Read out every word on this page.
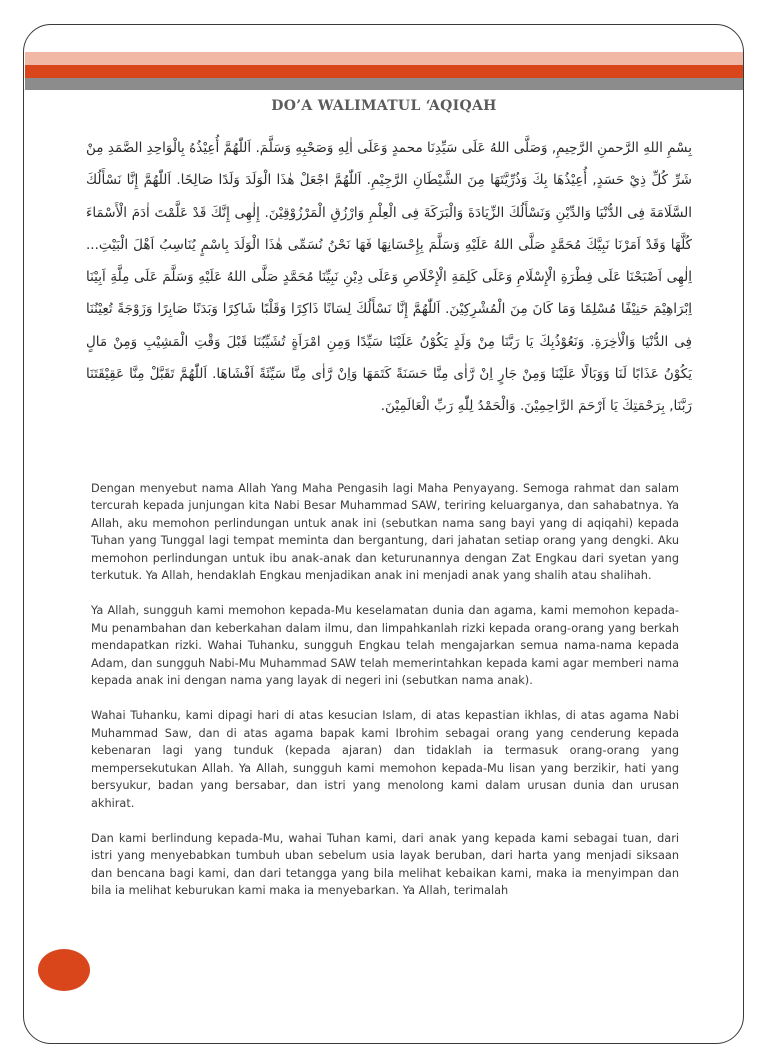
DO’A WALIMATUL ‘AQIQAH

بِسْمِ اللهِ الرَّحمنِ الرَّحِيمِ, وَصَلَّى اللهُ عَلَى سَيِّدِنَا محمدٍ وَعَلَى اٰلِهِ وَصَحْبِهِ وَسَلَّمَ. اَللّٰهُمَّ أُعِيْذُهُ بِالْوَاحِدِ الصَّمَدِ مِنْ شَرِّ كُلِّ ذِيْ حَسَدٍ, أُعِيْذُهَا بِكَ وَذُرِّيَّتَهَا مِنَ الشَّيْطَانِ الرَّجِيْمِ. اَللّٰهُمَّ اجْعَلْ هٰذَا الْوَلَدَ وَلَدًا صَالِحًا. اَللّٰهُمَّ إِنَّا نَسْأَلُكَ السَّلَامَةَ فِى الدُّنْيَا وَالدِّيْنِ وَنَسْأَلُكَ الزِّيَادَةَ وَالْبَرَكَةَ فِى الْعِلْمِ وَارْزُقِ الْمَرْزُوْقِيْنَ. إِلٰهِى إِنَّكَ قَدْ عَلَّمْتَ اٰدَمَ الْأَسْمَاءَ كُلَّهَا وَقَدْ اَمَرْنَا نَبِيَّكَ مُحَمَّدٍ صَلَّى اللهُ عَلَيْهِ وَسَلَّمَ بِإِحْسَانِهَا فَهَا نَحْنُ نُسَمِّى هٰذَا الْوَلَدَ بِاسْمٍ يُنَاسِبُ اَهْلَ الْبَيْتِ... اِلٰهِى اَصْبَحْنَا عَلَى فِطْرَةِ الْإِسْلَامِ وَعَلَى كَلِمَةِ الْإِخْلَاصِ وَعَلَى دِيْنِ نَبِيِّنَا مُحَمَّدٍ صَلَّى اللهُ عَلَيْهِ وَسَلَّمَ عَلَى مِلَّةِ اَبِيْنَا اِبْرَاهِيْمَ حَنِيْفًا مُسْلِمًا وَمَا كَانَ مِنَ الْمُشْرِكِيْنَ. اَللّٰهُمَّ إِنَّا نَسْأَلُكَ لِسَانًا ذَاكِرًا وَقَلْبًا شَاكِرًا وَبَدَنًا صَابِرًا وَزَوْجَةً تُعِيْنُنَا فِى الدُّنْيَا وَالْاٰخِرَةِ. وَنَعُوْذُبِكَ يَا رَبَّنَا مِنْ وَلَدٍ يَكُوْنُ عَلَيْنَا سَيِّدًا وَمِنِ امْرَاَةٍ تُشَيِّبُنَا قَبْلَ وَقْتِ الْمَشِيْبِ وَمِنْ مَالٍ يَكُوْنُ عَذَابًا لَنَا وَوَبَالًا عَلَيْنَا وَمِنْ جَارٍ اِنْ رَّاٰى مِنَّا حَسَنَةً كَتَمَهَا وَاِنْ رَّاٰى مِنَّا سَيِّئَةً اَفْشَاهَا. اَللّٰهُمَّ تَقَبَّلْ مِنَّا عَقِيْقَتَنَا رَبَّنَا, بِرَحْمَتِكَ يَا اَرْحَمَ الرَّاحِمِيْنَ. وَالْحَمْدُ لِلّٰهِ رَبِّ الْعَالَمِيْنَ.

Dengan menyebut nama Allah Yang Maha Pengasih lagi Maha Penyayang. Semoga rahmat dan salam tercurah kepada junjungan kita Nabi Besar Muhammad SAW, teriring keluarganya, dan sahabatnya. Ya Allah, aku memohon perlindungan untuk anak ini (sebutkan nama sang bayi yang di aqiqahi) kepada Tuhan yang Tunggal lagi tempat meminta dan bergantung, dari jahatan setiap orang yang dengki. Aku memohon perlindungan untuk ibu anak-anak dan keturunannya dengan Zat Engkau dari syetan yang terkutuk. Ya Allah, hendaklah Engkau menjadikan anak ini menjadi anak yang shalih atau shalihah.

Ya Allah, sungguh kami memohon kepada-Mu keselamatan dunia dan agama, kami memohon kepada-Mu penambahan dan keberkahan dalam ilmu, dan limpahkanlah rizki kepada orang-orang yang berkah mendapatkan rizki. Wahai Tuhanku, sungguh Engkau telah mengajarkan semua nama-nama kepada Adam, dan sungguh Nabi-Mu Muhammad SAW telah memerintahkan kepada kami agar memberi nama kepada anak ini dengan nama yang layak di negeri ini (sebutkan nama anak).

Wahai Tuhanku, kami dipagi hari di atas kesucian Islam, di atas kepastian ikhlas, di atas agama Nabi Muhammad Saw, dan di atas agama bapak kami Ibrohim sebagai orang yang cenderung kepada kebenaran lagi yang tunduk (kepada ajaran) dan tidaklah ia termasuk orang-orang yang mempersekutukan Allah. Ya Allah, sungguh kami memohon kepada-Mu lisan yang berzikir, hati yang bersyukur, badan yang bersabar, dan istri yang menolong kami dalam urusan dunia dan urusan akhirat.

Dan kami berlindung kepada-Mu, wahai Tuhan kami, dari anak yang kepada kami sebagai tuan, dari istri yang menyebabkan tumbuh uban sebelum usia layak beruban, dari harta yang menjadi siksaan dan bencana bagi kami, dan dari tetangga yang bila melihat kebaikan kami, maka ia menyimpan dan bila ia melihat keburukan kami maka ia menyebarkan. Ya Allah, terimalah
